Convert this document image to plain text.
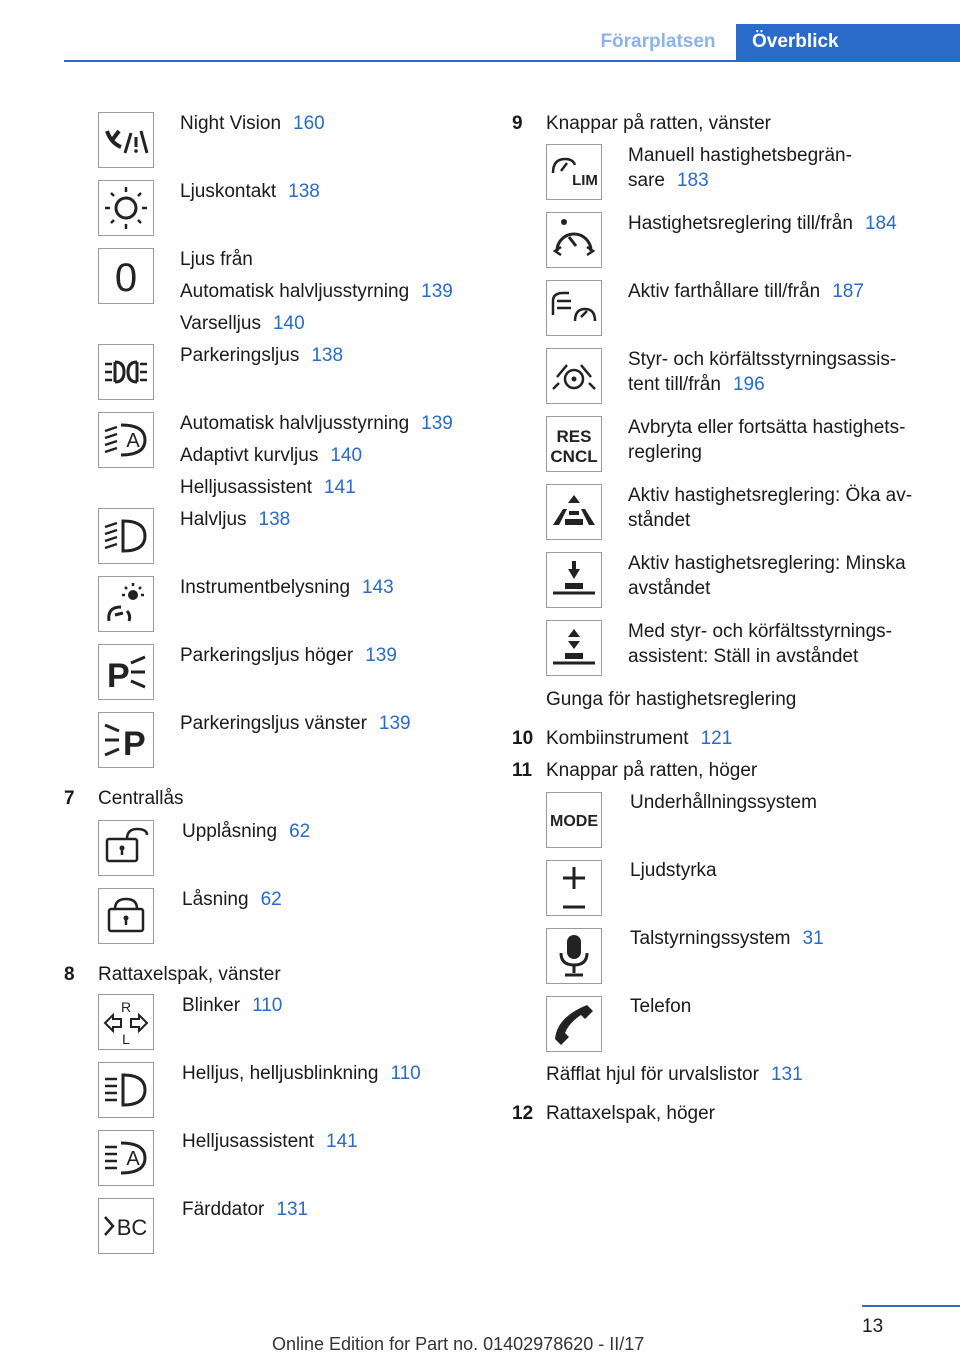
Förarplatsen	Överblick
Night Vision 160
Ljuskontakt 138
0 Ljus från
Automatisk halvljusstyrning 139
Varselljus 140
Parkeringsljus 138
A
Automatisk halvljusstyrning 139
Adaptivt kurvljus 140
Helljusassistent 141
Halvljus 138
Instrumentbelysning 143
P
Parkeringsljus höger 139
P
Parkeringsljus vänster 139
7 Centrallås
Upplåsning 62
Låsning 62
8 Rattaxelspak, vänster
R
L
Blinker 110
Helljus, helljusblinkning 110
A
Helljusassistent 141
BC
Färddator 131
9 Knappar på ratten, vänster
LIM
Manuell hastighetsbegrän-
sare 183
Hastighetsreglering till/från 184
Aktiv farthållare till/från 187
Styr- och körfältsstyrningsassis-
tent till/från 196
RES
CNCL
Avbryta eller fortsätta hastighets-
reglering
Aktiv hastighetsreglering: Öka av-
ståndet
Aktiv hastighetsreglering: Minska
avståndet
Med styr- och körfältsstyrnings-
assistent: Ställ in avståndet
Gunga för hastighetsreglering
10 Kombiinstrument 121
11 Knappar på ratten, höger
MODE
Underhållningssystem
Ljudstyrka
Talstyrningssystem 31
Telefon
Räfflat hjul för urvalslistor 131
12 Rattaxelspak, höger
13
Online Edition for Part no. 01402978620 - II/17
